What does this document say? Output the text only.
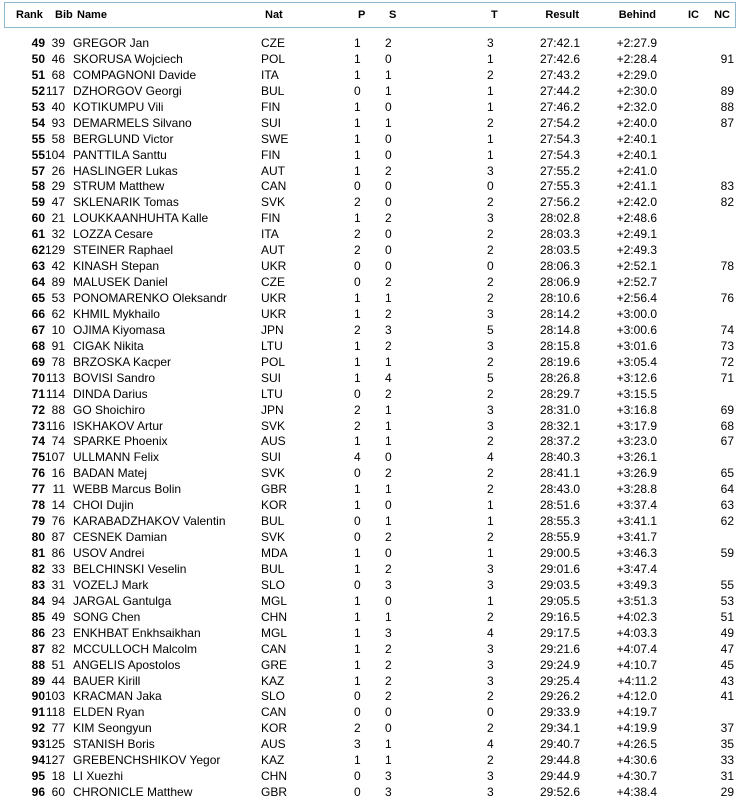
Rank Bib Name	Nat	P S	T	Result	Behind	IC NC
49 39 GREGOR Jan	CZE	1 2	3	27:42.1	+2:27.9
50 46 SKORUSA Wojciech	POL	1 0	1	27:42.6	+2:28.4	91
51 68 COMPAGNONI Davide	ITA	1 1	2	27:43.2	+2:29.0
52 117 DZHORGOV Georgi	BUL	0 1	1	27:44.2	+2:30.0	89
53 40 KOTIKUMPU Vili	FIN	1 0	1	27:46.2	+2:32.0	88
54 93 DEMARMELS Silvano	SUI	1 1	2	27:54.2	+2:40.0	87
55 58 BERGLUND Victor	SWE	1 0	1	27:54.3	+2:40.1
55 104 PANTTILA Santtu	FIN	1 0	1	27:54.3	+2:40.1
57 26 HASLINGER Lukas	AUT	1 2	3	27:55.2	+2:41.0
58 29 STRUM Matthew	CAN	0 0	0	27:55.3	+2:41.1	83
59 47 SKLENARIK Tomas	SVK	2 0	2	27:56.2	+2:42.0	82
60 21 LOUKKAANHUHTA Kalle	FIN	1 2	3	28:02.8	+2:48.6
61 32 LOZZA Cesare	ITA	2 0	2	28:03.3	+2:49.1
62 129 STEINER Raphael	AUT	2 0	2	28:03.5	+2:49.3
63 42 KINASH Stepan	UKR	0 0	0	28:06.3	+2:52.1	78
64 89 MALUSEK Daniel	CZE	0 2	2	28:06.9	+2:52.7
65 53 PONOMARENKO Oleksandr	UKR	1 1	2	28:10.6	+2:56.4	76
66 62 KHMIL Mykhailo	UKR	1 2	3	28:14.2	+3:00.0
67 10 OJIMA Kiyomasa	JPN	2 3	5	28:14.8	+3:00.6	74
68 91 CIGAK Nikita	LTU	1 2	3	28:15.8	+3:01.6	73
69 78 BRZOSKA Kacper	POL	1 1	2	28:19.6	+3:05.4	72
70 113 BOVISI Sandro	SUI	1 4	5	28:26.8	+3:12.6	71
71 114 DINDA Darius	LTU	0 2	2	28:29.7	+3:15.5
72 88 GO Shoichiro	JPN	2 1	3	28:31.0	+3:16.8	69
73 116 ISKHAKOV Artur	SVK	2 1	3	28:32.1	+3:17.9	68
74 74 SPARKE Phoenix	AUS	1 1	2	28:37.2	+3:23.0	67
75 107 ULLMANN Felix	SUI	4 0	4	28:40.3	+3:26.1
76 16 BADAN Matej	SVK	0 2	2	28:41.1	+3:26.9	65
77 11 WEBB Marcus Bolin	GBR	1 1	2	28:43.0	+3:28.8	64
78 14 CHOI Dujin	KOR	1 0	1	28:51.6	+3:37.4	63
79 76 KARABADZHAKOV Valentin	BUL	0 1	1	28:55.3	+3:41.1	62
80 87 CESNEK Damian	SVK	0 2	2	28:55.9	+3:41.7
81 86 USOV Andrei	MDA	1 0	1	29:00.5	+3:46.3	59
82 33 BELCHINSKI Veselin	BUL	1 2	3	29:01.6	+3:47.4
83 31 VOZELJ Mark	SLO	0 3	3	29:03.5	+3:49.3	55
84 94 JARGAL Gantulga	MGL	1 0	1	29:05.5	+3:51.3	53
85 49 SONG Chen	CHN	1 1	2	29:16.5	+4:02.3	51
86 23 ENKHBAT Enkhsaikhan	MGL	1 3	4	29:17.5	+4:03.3	49
87 82 MCCULLOCH Malcolm	CAN	1 2	3	29:21.6	+4:07.4	47
88 51 ANGELIS Apostolos	GRE	1 2	3	29:24.9	+4:10.7	45
89 44 BAUER Kirill	KAZ	1 2	3	29:25.4	+4:11.2	43
90 103 KRACMAN Jaka	SLO	0 2	2	29:26.2	+4:12.0	41
91 118 ELDEN Ryan	CAN	0 0	0	29:33.9	+4:19.7
92 77 KIM Seongyun	KOR	2 0	2	29:34.1	+4:19.9	37
93 125 STANISH Boris	AUS	3 1	4	29:40.7	+4:26.5	35
94 127 GREBENCHSHIKOV Yegor	KAZ	1 1	2	29:44.8	+4:30.6	33
95 18 LI Xuezhi	CHN	0 3	3	29:44.9	+4:30.7	31
96 60 CHRONICLE Matthew	GBR	0 3	3	29:52.6	+4:38.4	29
